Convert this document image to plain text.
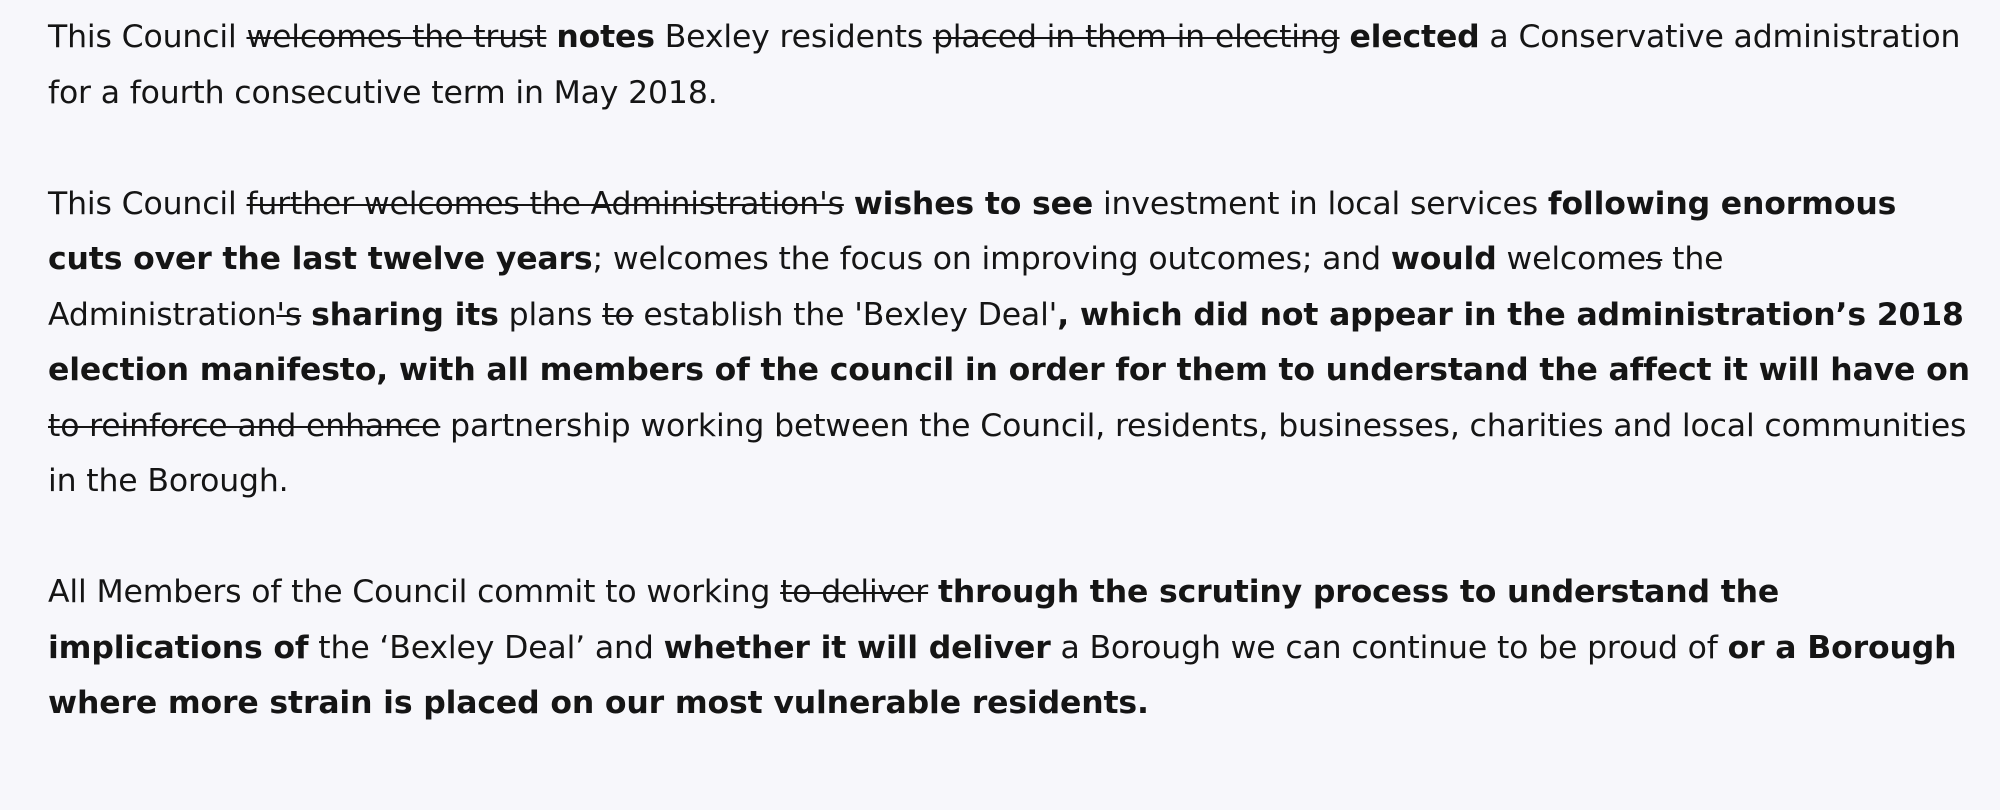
This Council welcomes the trust notes Bexley residents placed in them in electing elected a Conservative administration for a fourth consecutive term in May 2018.

This Council further welcomes the Administration's wishes to see investment in local services following enormous cuts over the last twelve years; welcomes the focus on improving outcomes; and would welcomes the Administration's sharing its plans to establish the 'Bexley Deal', which did not appear in the administration’s 2018 election manifesto, with all members of the council in order for them to understand the affect it will have on to reinforce and enhance partnership working between the Council, residents, businesses, charities and local communities in the Borough.

All Members of the Council commit to working to deliver through the scrutiny process to understand the implications of the ‘Bexley Deal’ and whether it will deliver a Borough we can continue to be proud of or a Borough where more strain is placed on our most vulnerable residents.
